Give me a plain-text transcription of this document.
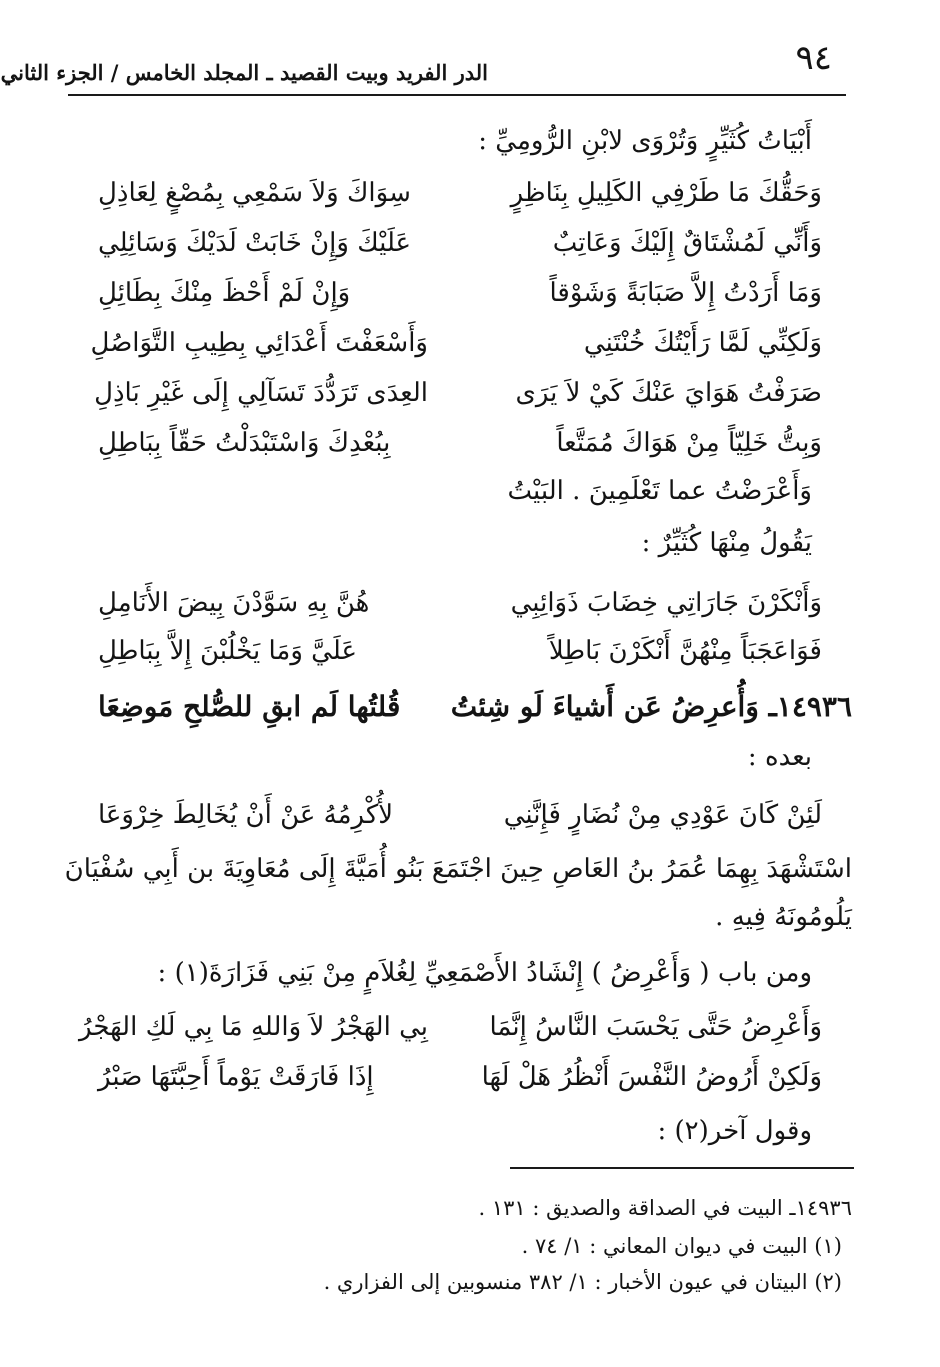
٩٤
الدر الفريد وبيت القصيد ـ المجلد الخامس / الجزء الثاني
أَبْيَاتُ كُثَيِّرٍ وَتُرْوَى لابْنِ الرُّومِيِّ :
وَحَقُّكَ مَا طَرْفِي الكَلِيلِ بِنَاظِرٍ
سِوَاكَ وَلاَ سَمْعِي بِمُصْغٍ لِعَاذِلِ
وَأَنِّي لَمُشْتَاقٌ إِلَيْكَ وَعَاتِبٌ
عَلَيْكَ وَإِنْ خَابَتْ لَدَيْكَ وَسَائِلِي
وَمَا أَرَدْتُ إِلاَّ صَبَابَةً وَشَوْقاً
وَإِنْ لَمْ أَحْظَ مِنْكَ بِطَائِلِ
وَلَكِنِّي لَمَّا رَأَيْتُكَ خُنْتَنِي
وَأَسْعَفْتَ أَعْدَائِي بِطِيبِ التَّوَاصُلِ
صَرَفْتُ هَوَايَ عَنْكَ كَيْ لاَ يَرَى
العِدَى تَرَدُّدَ تَسَآلِي إِلَى غَيْرِ بَاذِلِ
وَبِتُّ خَلِيّاً مِنْ هَوَاكَ مُمَتَّعاً
بِبُعْدِكَ وَاسْتَبْدَلْتُ حَقّاً بِبَاطِلِ
وَأَعْرَضْتُ عما تَعْلَمِينَ . البَيْتُ
يَقُولُ مِنْهَا كُثَيِّرٌ :
وَأَنْكَرْنَ جَارَاتِي خِضَابَ ذَوَائِبِي
هُنَّ بِهِ سَوَّدْنَ بِيضَ الأَنَامِلِ
فَوَاعَجَبَاً مِنْهُنَّ أَنْكَرْنَ بَاطِلاً
عَلَيَّ وَمَا يَخْلُبْنَ إِلاَّ بِبَاطِلِ
١٤٩٣٦ـ وَأُعرِضُ عَن أَشياءَ لَو شِئتُ
قُلتُها لَم ابقِ للصُّلحِ مَوضِعَا
بعده :
لَئِنْ كَانَ عَوْدِي مِنْ نُضَارٍ فَإِنَّنِي
لأُكْرِمُهُ عَنْ أَنْ يُخَالِطَ خِرْوَعَا
اسْتَشْهَدَ بِهِمَا عُمَرُ بنُ العَاصِ حِينَ اجْتَمَعَ بَنُو أُمَيَّةَ إِلَى مُعَاوِيَةَ بن أَبِي سُفْيَانَ
يَلُومُونَهُ فِيهِ .
ومن باب ( وَأَعْرِضُ ) إِنْشَادُ الأَصْمَعِيِّ لِغُلاَمٍ مِنْ بَنِي فَزَارَةَ(١) :
وَأَعْرِضُ حَتَّى يَحْسَبَ النَّاسُ إِنَّمَا
بِي الهَجْرُ لاَ وَاللهِ مَا بِي لَكِ الهَجْرُ
وَلَكِنْ أَرُوضُ النَّفْسَ أَنْظُرُ هَلْ لَهَا
إِذَا فَارَقَتْ يَوْماً أَحِبَّتَهَا صَبْرُ
وقول آخر(٢) :
١٤٩٣٦ـ البيت في الصداقة والصديق : ١٣١ .
(١) البيت في ديوان المعاني : ١/ ٧٤ .
(٢) البيتان في عيون الأخبار : ١/ ٣٨٢ منسوبين إلى الفزاري .
